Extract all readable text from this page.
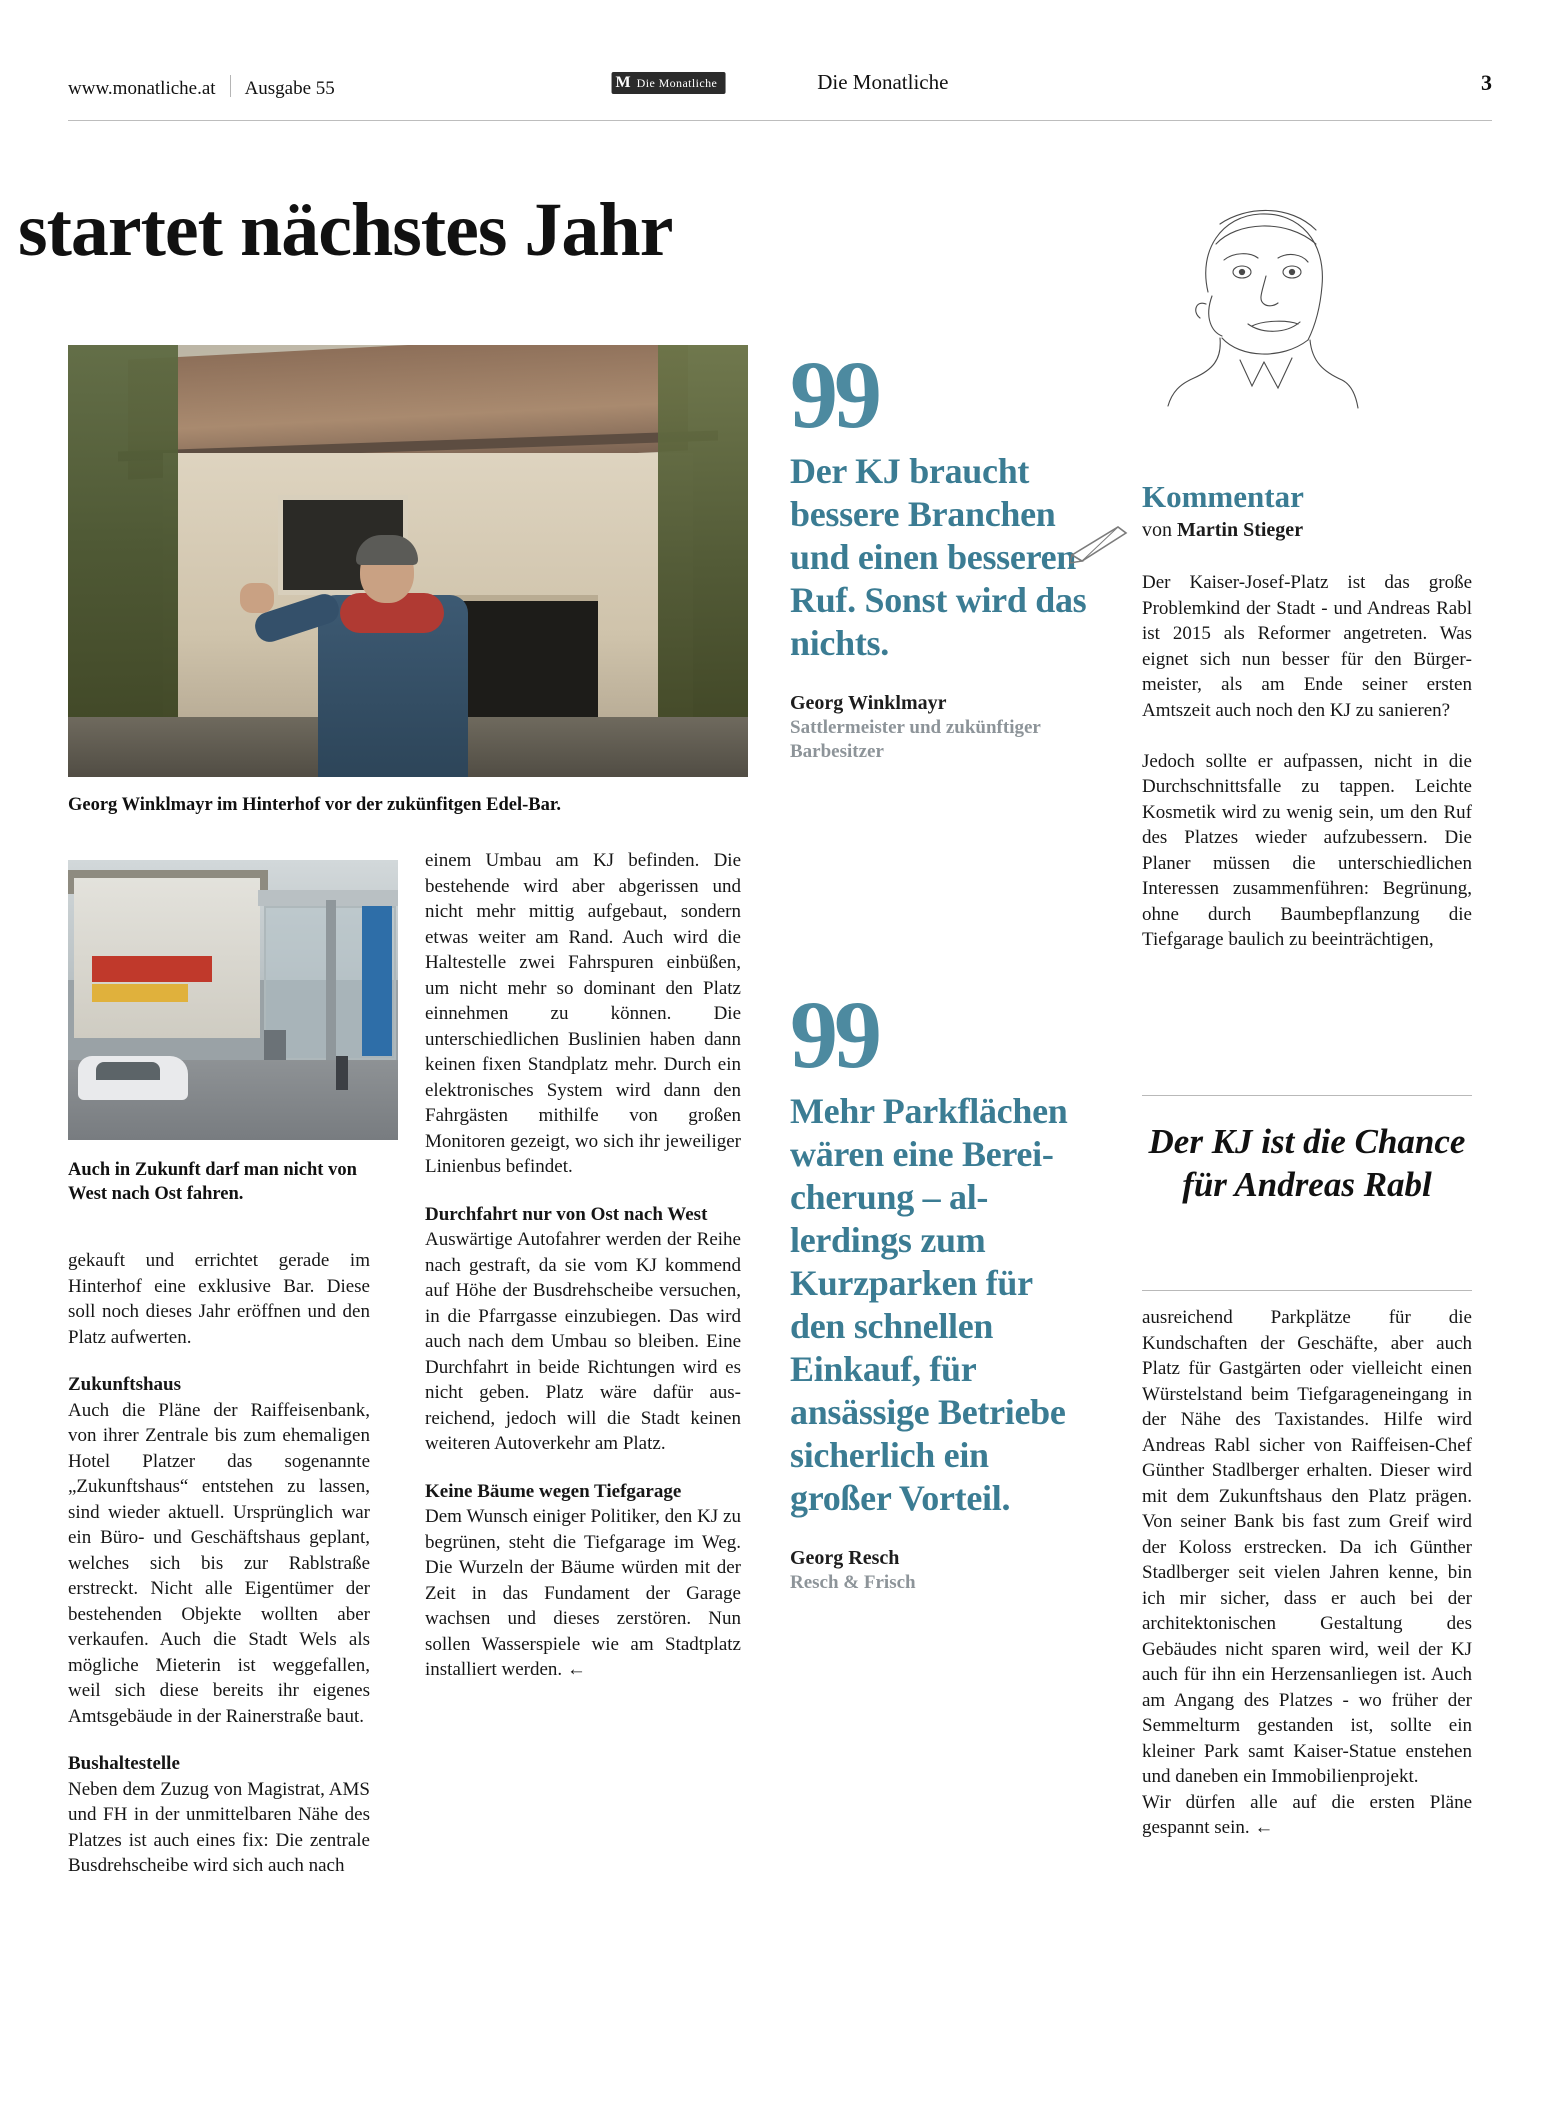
www.monatliche.at	Ausgabe 55	M Die Monatliche	Die Monatliche	3
startet nächstes Jahr
Georg Winklmayr im Hinterhof vor der zukünfitgen Edel-Bar.
Auch in Zukunft darf man nicht von West nach Ost fahren.

gekauft und errichtet gerade im Hinterhof eine exklusive Bar. Diese soll noch dieses Jahr eröffnen und den Platz aufwerten.

Zukunftshaus

Auch die Pläne der Raiffeisenbank, von ihrer Zentrale bis zum ehemaligen Hotel Platzer das sogenannte „Zukunftshaus“ entstehen zu lassen, sind wieder aktuell. Ursprünglich war ein Büro- und Geschäftshaus geplant, welches sich bis zur Rablstraße erstreckt. Nicht alle Eigentümer der bestehenden Objekte wollten aber verkaufen. Auch die Stadt Wels als mögliche Mieterin ist weggefallen, weil sich diese bereits ihr eigenes Amtsgebäude in der Rainerstraße baut.

Bushaltestelle

Neben dem Zuzug von Magistrat, AMS und FH in der unmittelbaren Nähe des Platzes ist auch eines fix: Die zentrale Busdrehscheibe wird sich auch nach

einem Umbau am KJ befinden. Die bestehende wird aber abgerissen und nicht mehr mittig aufgebaut, sondern etwas weiter am Rand. Auch wird die Haltestelle zwei Fahrspuren einbüßen, um nicht mehr so dominant den Platz einnehmen zu können. Die unterschiedlichen Buslinien haben dann keinen fixen Standplatz mehr. Durch ein elektronisches System wird dann den Fahrgästen mithilfe von großen Monitoren gezeigt, wo sich ihr jeweiliger Linienbus befindet.

Durchfahrt nur von Ost nach West

Auswärtige Autofahrer werden der Reihe nach gestraft, da sie vom KJ kommend auf Höhe der Busdrehscheibe versuchen, in die Pfarrgasse einzubiegen. Das wird auch nach dem Umbau so bleiben. Eine Durchfahrt in beide Richtungen wird es nicht geben. Platz wäre dafür ausreichend, jedoch will die Stadt keinen weiteren Autoverkehr am Platz.

Keine Bäume wegen Tiefgarage

Dem Wunsch einiger Politiker, den KJ zu begrünen, steht die Tiefgarage im Weg. Die Wurzeln der Bäume würden mit der Zeit in das Fundament der Garage wachsen und dieses zerstören. Nun sollen Wasserspiele wie am Stadtplatz installiert werden. ←

99
Der KJ braucht bessere Branchen und einen besseren Ruf. Sonst wird das nichts.
Georg Winklmayr
Sattlermeister und zukünftiger Barbesitzer
99
Mehr Parkflächen wären eine Bereicherung – allerdings zum Kurzparken für den schnellen Einkauf, für ansässige Betriebe sicherlich ein großer Vorteil.
Georg Resch
Resch & Frisch
Kommentar
von Martin Stieger

Der Kaiser-Josef-Platz ist das große Problemkind der Stadt - und Andreas Rabl ist 2015 als Reformer angetreten. Was eignet sich nun besser für den Bürgermeister, als am Ende seiner ersten Amtszeit auch noch den KJ zu sanieren?

Jedoch sollte er aufpassen, nicht in die Durchschnittsfalle zu tappen. Leichte Kosmetik wird zu wenig sein, um den Ruf des Platzes wieder aufzubessern. Die Planer müssen die unterschiedlichen Interessen zusammenführen: Begrünung, ohne durch Baumbepflanzung die Tiefgarage baulich zu beeinträchtigen,

Der KJ ist die Chance für Andreas Rabl

ausreichend Parkplätze für die Kundschaften der Geschäfte, aber auch Platz für Gastgärten oder vielleicht einen Würstelstand beim Tiefgarageneingang in der Nähe des Taxistandes. Hilfe wird Andreas Rabl sicher von Raiffeisen-Chef Günther Stadlberger erhalten. Dieser wird mit dem Zukunftshaus den Platz prägen. Von seiner Bank bis fast zum Greif wird der Koloss erstrecken. Da ich Günther Stadlberger seit vielen Jahren kenne, bin ich mir sicher, dass er auch bei der architektonischen Gestaltung des Gebäudes nicht sparen wird, weil der KJ auch für ihn ein Herzensanliegen ist. Auch am Angang des Platzes - wo früher der Semmelturm gestanden ist, sollte ein kleiner Park samt Kaiser-Statue enstehen und daneben ein Immobilienprojekt.

Wir dürfen alle auf die ersten Pläne gespannt sein. ←
